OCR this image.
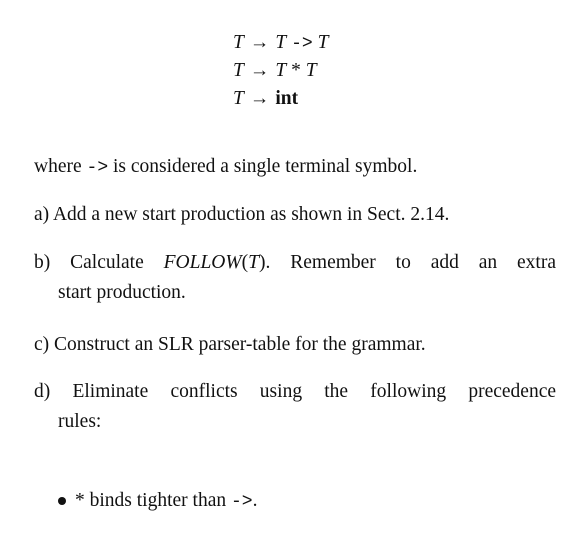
T → T -> T
T → T * T
T → int
where -> is considered a single terminal symbol.
a) Add a new start production as shown in Sect. 2.14.
b) Calculate FOLLOW(T). Remember to add an extra
start production.
c) Construct an SLR parser-table for the grammar.
d) Eliminate conflicts using the following precedence
rules:
* binds tighter than ->.
